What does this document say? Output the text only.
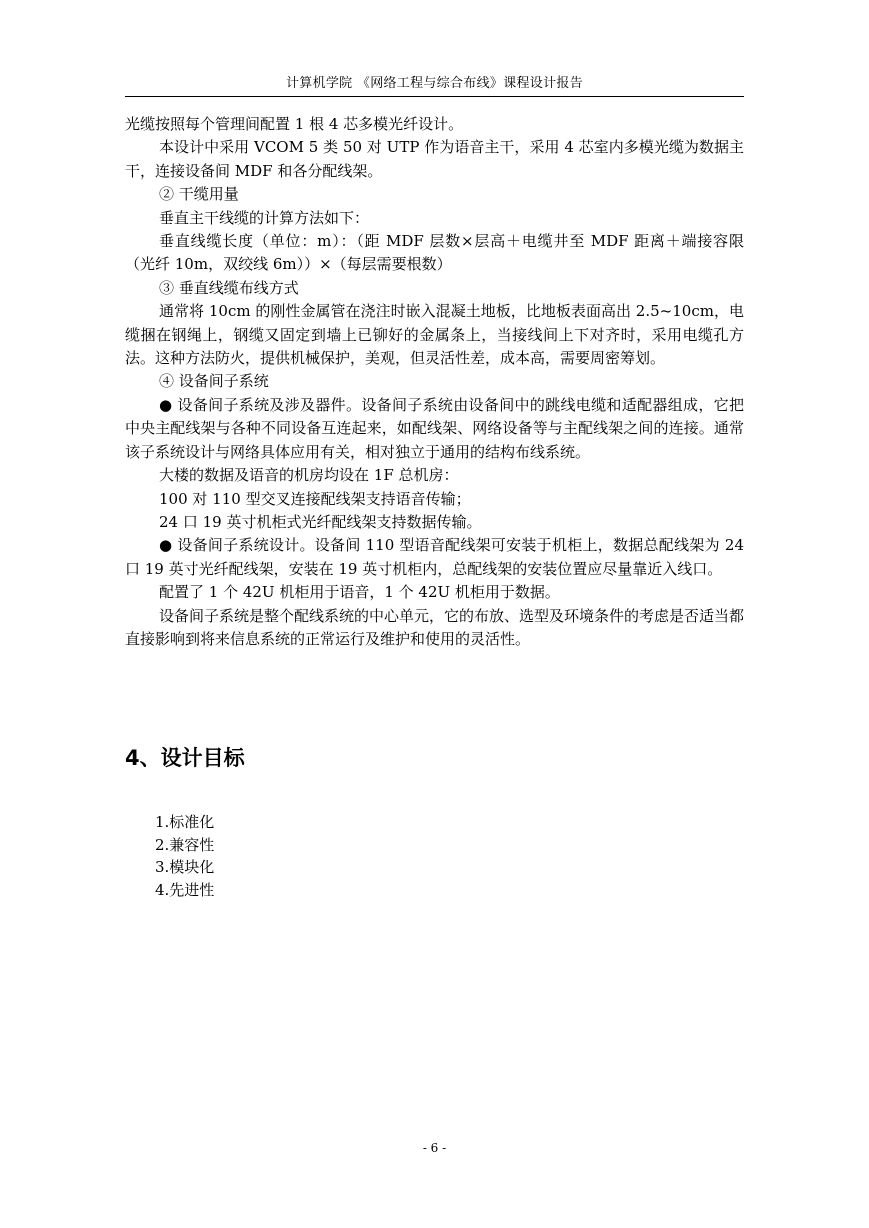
计算机学院 《网络工程与综合布线》课程设计报告

光缆按照每个管理间配置 1 根 4 芯多模光纤设计。

本设计中采用 VCOM 5 类 50 对 UTP 作为语音主干，采用 4 芯室内多模光缆为数据主干，连接设备间 MDF 和各分配线架。

② 干缆用量

垂直主干线缆的计算方法如下：

垂直线缆长度（单位：m）：（距 MDF 层数×层高＋电缆井至 MDF 距离＋端接容限（光纤 10m，双绞线 6m））×（每层需要根数）

③ 垂直线缆布线方式

通常将 10cm 的刚性金属管在浇注时嵌入混凝土地板，比地板表面高出 2.5~10cm，电缆捆在钢绳上，钢缆又固定到墙上已铆好的金属条上，当接线间上下对齐时，采用电缆孔方法。这种方法防火，提供机械保护，美观，但灵活性差，成本高，需要周密筹划。

④ 设备间子系统

● 设备间子系统及涉及器件。设备间子系统由设备间中的跳线电缆和适配器组成，它把中央主配线架与各种不同设备互连起来，如配线架、网络设备等与主配线架之间的连接。通常该子系统设计与网络具体应用有关，相对独立于通用的结构布线系统。

大楼的数据及语音的机房均设在 1F 总机房：

100 对 110 型交叉连接配线架支持语音传输；

24 口 19 英寸机柜式光纤配线架支持数据传输。

● 设备间子系统设计。设备间 110 型语音配线架可安装于机柜上，数据总配线架为 24 口 19 英寸光纤配线架，安装在 19 英寸机柜内，总配线架的安装位置应尽量靠近入线口。

配置了 1 个 42U 机柜用于语音，1 个 42U 机柜用于数据。

设备间子系统是整个配线系统的中心单元，它的布放、选型及环境条件的考虑是否适当都直接影响到将来信息系统的正常运行及维护和使用的灵活性。

4、设计目标
1.标准化
2.兼容性
3.模块化
4.先进性
- 6 -
